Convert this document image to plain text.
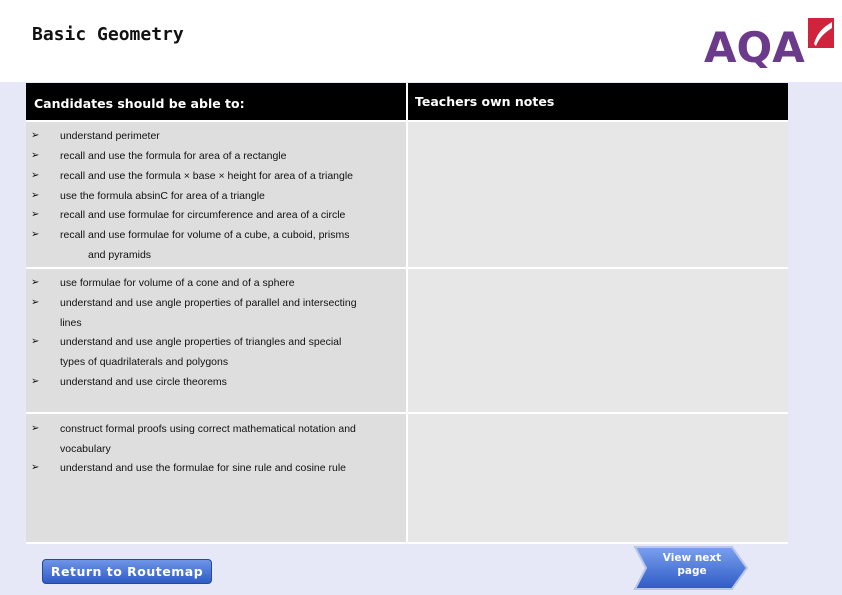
Basic Geometry	AQA
Candidates should be able to:	Teachers own notes
➢ understand perimeter
➢ recall and use the formula for area of a rectangle
➢ recall and use the formula × base × height for area of a triangle
➢ use the formula absinC for area of a triangle
➢ recall and use formulae for circumference and area of a circle
➢ recall and use formulae for volume of a cube, a cuboid, prisms
and pyramids
➢ use formulae for volume of a cone and of a sphere
➢ understand and use angle properties of parallel and intersecting
lines
➢ understand and use angle properties of triangles and special
types of quadrilaterals and polygons
➢ understand and use circle theorems
➢ construct formal proofs using correct mathematical notation and
vocabulary
➢ understand and use the formulae for sine rule and cosine rule
Return to Routemap
View next
page
